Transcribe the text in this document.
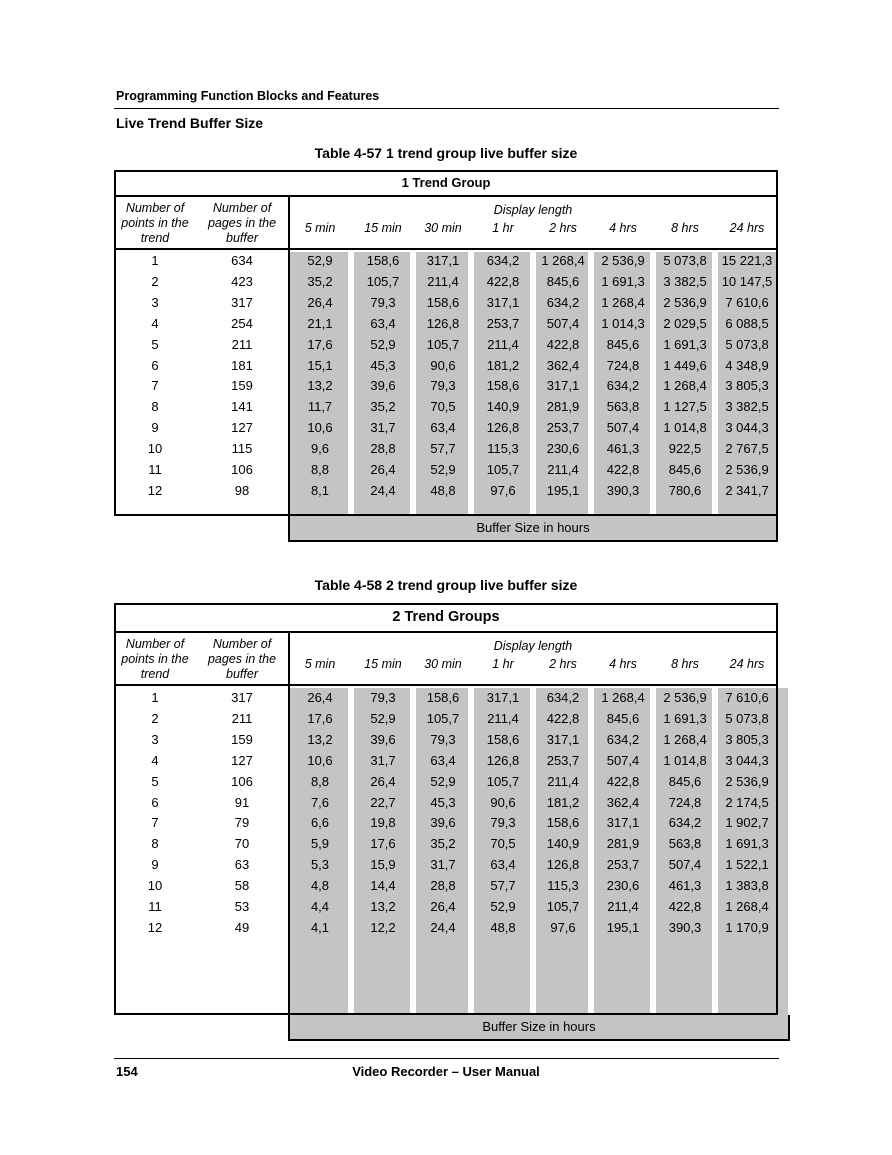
Programming Function Blocks and Features
Live Trend Buffer Size
Table 4-57 1 trend group live buffer size
1 Trend Group
Number of points in the trend
Number of pages in the buffer
Display length
5 min	15 min	30 min	1 hr	2 hrs	4 hrs	8 hrs	24 hrs
1	634	52,9	158,6	317,1	634,2	1 268,4	2 536,9	5 073,8	15 221,3
2	423	35,2	105,7	211,4	422,8	845,6	1 691,3	3 382,5	10 147,5
3	317	26,4	79,3	158,6	317,1	634,2	1 268,4	2 536,9	7 610,6
4	254	21,1	63,4	126,8	253,7	507,4	1 014,3	2 029,5	6 088,5
5	211	17,6	52,9	105,7	211,4	422,8	845,6	1 691,3	5 073,8
6	181	15,1	45,3	90,6	181,2	362,4	724,8	1 449,6	4 348,9
7	159	13,2	39,6	79,3	158,6	317,1	634,2	1 268,4	3 805,3
8	141	11,7	35,2	70,5	140,9	281,9	563,8	1 127,5	3 382,5
9	127	10,6	31,7	63,4	126,8	253,7	507,4	1 014,8	3 044,3
10	115	9,6	28,8	57,7	115,3	230,6	461,3	922,5	2 767,5
11	106	8,8	26,4	52,9	105,7	211,4	422,8	845,6	2 536,9
12	98	8,1	24,4	48,8	97,6	195,1	390,3	780,6	2 341,7
Buffer Size in hours
Table 4-58 2 trend group live buffer size
2 Trend Groups
Number of points in the trend
Number of pages in the buffer
Display length
5 min	15 min	30 min	1 hr	2 hrs	4 hrs	8 hrs	24 hrs
1	317	26,4	79,3	158,6	317,1	634,2	1 268,4	2 536,9	7 610,6
2	211	17,6	52,9	105,7	211,4	422,8	845,6	1 691,3	5 073,8
3	159	13,2	39,6	79,3	158,6	317,1	634,2	1 268,4	3 805,3
4	127	10,6	31,7	63,4	126,8	253,7	507,4	1 014,8	3 044,3
5	106	8,8	26,4	52,9	105,7	211,4	422,8	845,6	2 536,9
6	91	7,6	22,7	45,3	90,6	181,2	362,4	724,8	2 174,5
7	79	6,6	19,8	39,6	79,3	158,6	317,1	634,2	1 902,7
8	70	5,9	17,6	35,2	70,5	140,9	281,9	563,8	1 691,3
9	63	5,3	15,9	31,7	63,4	126,8	253,7	507,4	1 522,1
10	58	4,8	14,4	28,8	57,7	115,3	230,6	461,3	1 383,8
11	53	4,4	13,2	26,4	52,9	105,7	211,4	422,8	1 268,4
12	49	4,1	12,2	24,4	48,8	97,6	195,1	390,3	1 170,9
Buffer Size in hours
154	Video Recorder – User Manual
